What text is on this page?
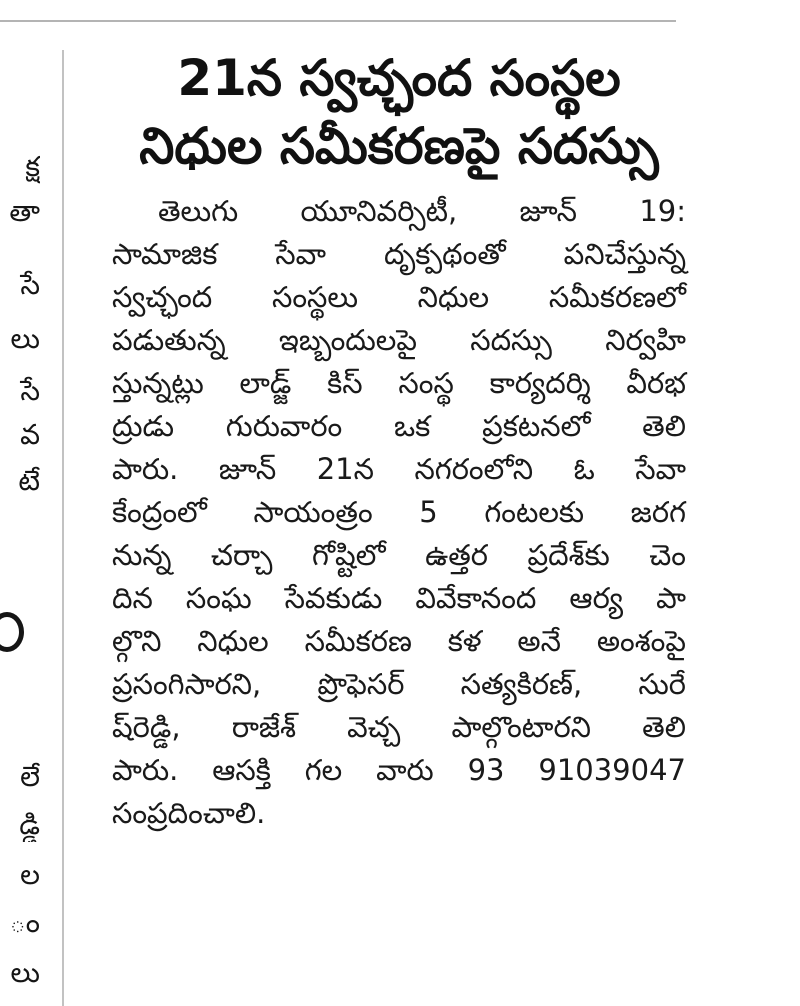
క్ష
తా
సే
లు
సే
వ
టే
లే
డ్డి
ల
ం
లు
21న స్వచ్ఛంద సంస్థల
నిధుల సమీకరణపై సదస్సు
తెలుగు యూనివర్సిటీ, జూన్ 19:
సామాజిక సేవా దృక్పథంతో పనిచేస్తున్న
స్వచ్ఛంద సంస్థలు నిధుల సమీకరణలో
పడుతున్న ఇబ్బందులపై సదస్సు నిర్వహి
స్తున్నట్లు లాడ్జ్ కిస్ సంస్థ కార్యదర్శి వీరభ
ద్రుడు గురువారం ఒక ప్రకటనలో తెలి
పారు. జూన్ 21న నగరంలోని ఓ సేవా
కేంద్రంలో సాయంత్రం 5 గంటలకు జరగ
నున్న చర్చా గోష్టిలో ఉత్తర ప్రదేశ్‌కు చెం
దిన సంఘ సేవకుడు వివేకానంద ఆర్య పా
ల్గొని నిధుల సమీకరణ కళ అనే అంశంపై
ప్రసంగిసారని, ప్రొఫెసర్ సత్యకిరణ్, సురే
ష్‌రెడ్డి, రాజేశ్ వెచ్చ పాల్గొంటారని తెలి
పారు. ఆసక్తి గల వారు 93 91039047
సంప్రదించాలి.
